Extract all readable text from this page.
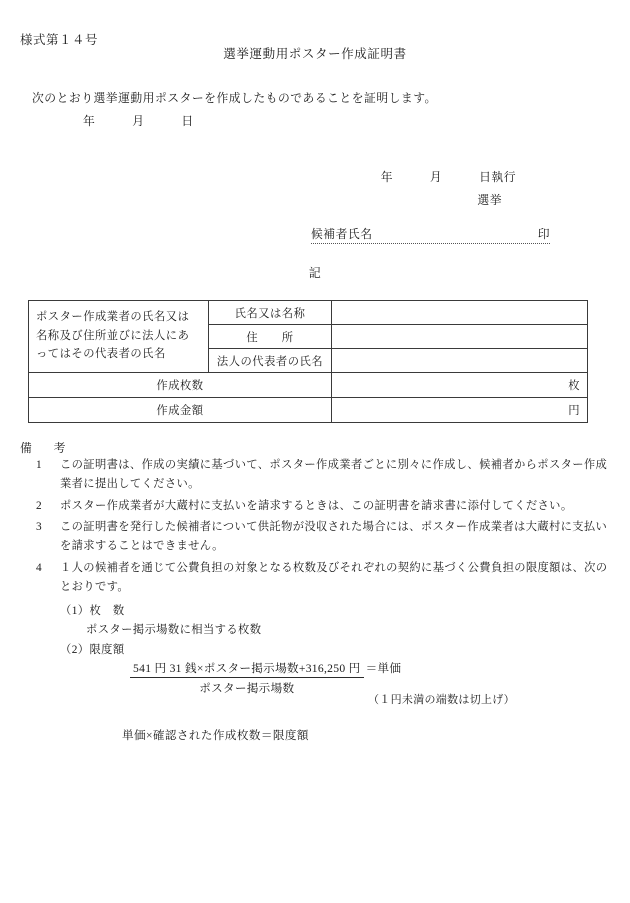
様式第１４号
選挙運動用ポスター作成証明書
次のとおり選挙運動用ポスターを作成したものであることを証明します。
年　　　月　　　日
年　　　月　　　日執行
選挙
候補者氏名	印
記
ポスター作成業者の氏名又は名称及び住所並びに法人にあってはその代表者の氏名	氏名又は名称	
	住　　所	
	法人の代表者の氏名	
作成枚数		枚
作成金額		円
備　考
1	この証明書は、作成の実績に基づいて、ポスター作成業者ごとに別々に作成し、候補者からポスター作成業者に提出してください。
2	ポスター作成業者が大蔵村に支払いを請求するときは、この証明書を請求書に添付してください。
3	この証明書を発行した候補者について供託物が没収された場合には、ポスター作成業者は大蔵村に支払いを請求することはできません。
4	１人の候補者を通じて公費負担の対象となる枚数及びそれぞれの契約に基づく公費負担の限度額は、次のとおりです。
（1）枚　数
ポスター掲示場数に相当する枚数
（2）限度額
$\frac{\text{541 円 31 銭×ポスター掲示場数+316,250 円}}{\text{ポスター掲示場数}}$ ＝単価
（１円未満の端数は切上げ）
単価×確認された作成枚数＝限度額
